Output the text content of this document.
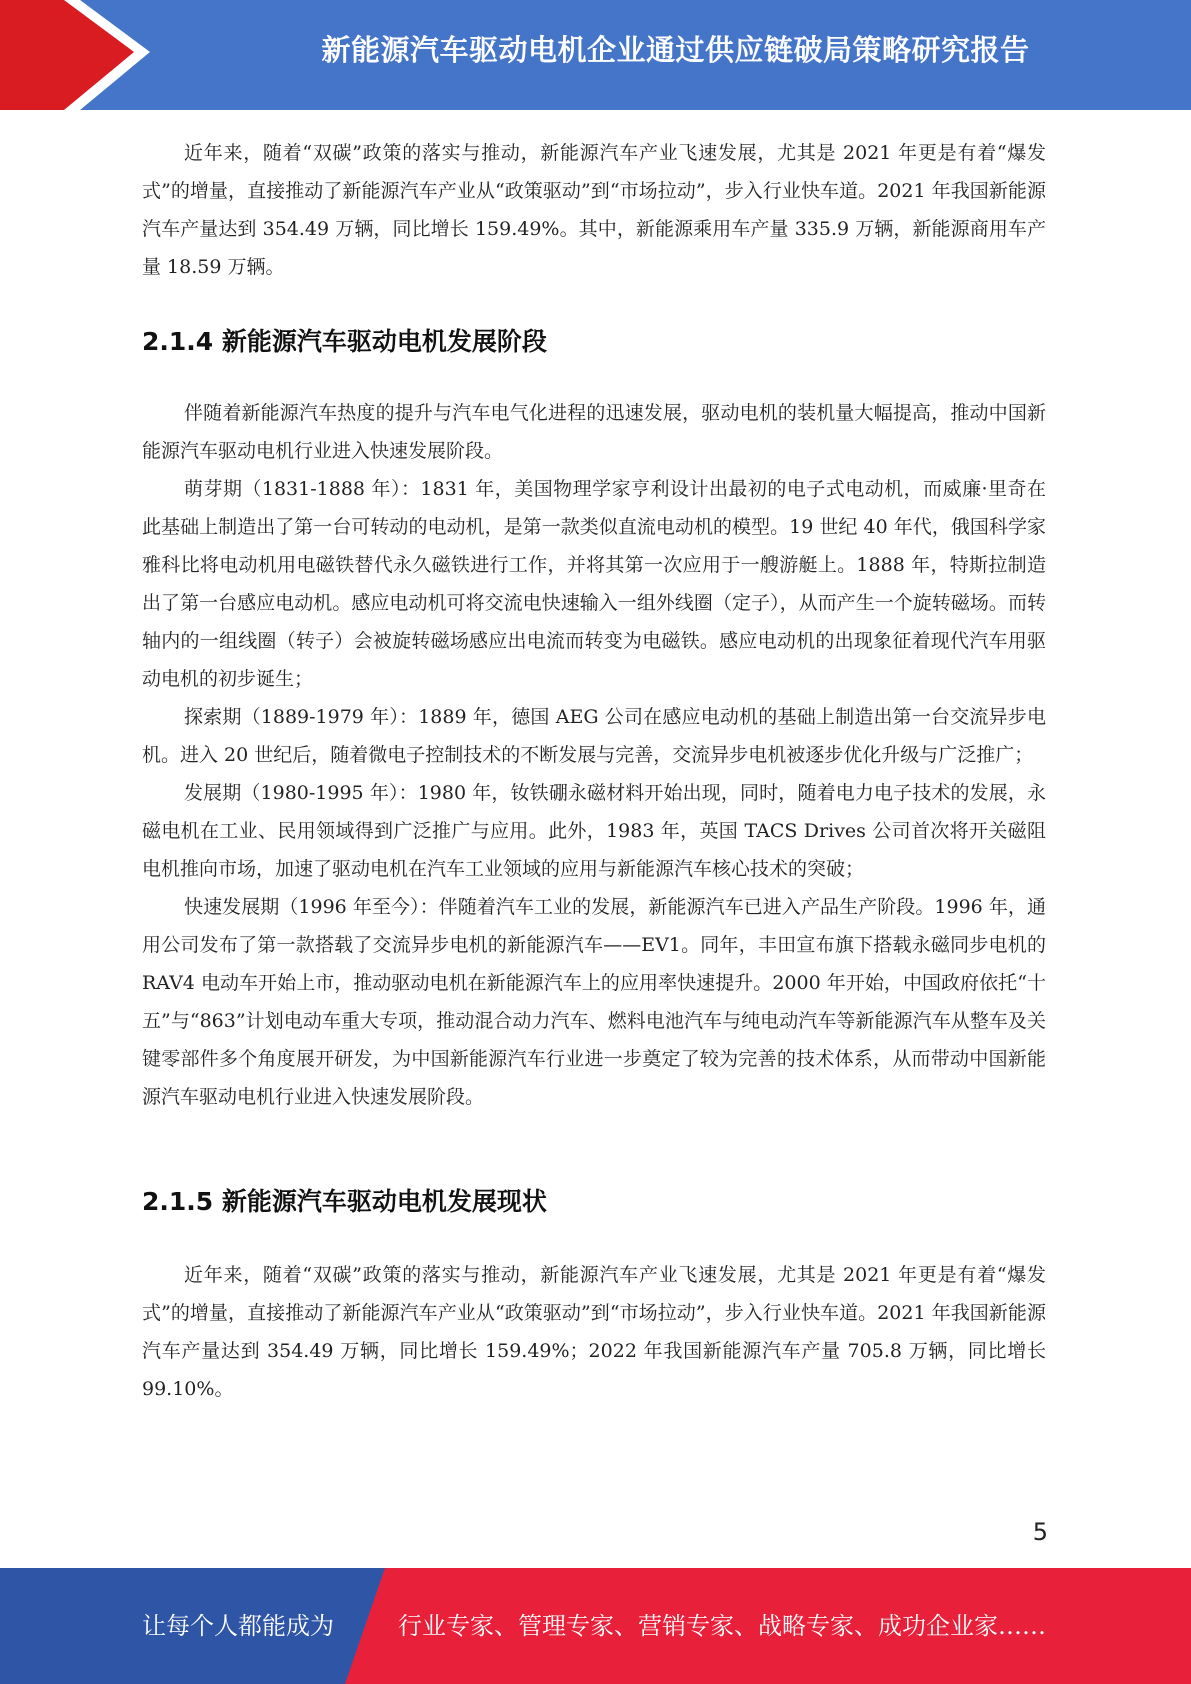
新能源汽车驱动电机企业通过供应链破局策略研究报告

近年来，随着“双碳”政策的落实与推动，新能源汽车产业飞速发展，尤其是 2021 年更是有着“爆发式”的增量，直接推动了新能源汽车产业从“政策驱动”到“市场拉动”，步入行业快车道。2021 年我国新能源汽车产量达到 354.49 万辆，同比增长 159.49%。其中，新能源乘用车产量 335.9 万辆，新能源商用车产量 18.59 万辆。

2.1.4 新能源汽车驱动电机发展阶段

伴随着新能源汽车热度的提升与汽车电气化进程的迅速发展，驱动电机的装机量大幅提高，推动中国新能源汽车驱动电机行业进入快速发展阶段。

萌芽期（1831-1888 年）：1831 年，美国物理学家亨利设计出最初的电子式电动机，而威廉·里奇在此基础上制造出了第一台可转动的电动机，是第一款类似直流电动机的模型。19 世纪 40 年代，俄国科学家雅科比将电动机用电磁铁替代永久磁铁进行工作，并将其第一次应用于一艘游艇上。1888 年，特斯拉制造出了第一台感应电动机。感应电动机可将交流电快速输入一组外线圈（定子），从而产生一个旋转磁场。而转轴内的一组线圈（转子）会被旋转磁场感应出电流而转变为电磁铁。感应电动机的出现象征着现代汽车用驱动电机的初步诞生；

探索期（1889-1979 年）：1889 年，德国 AEG 公司在感应电动机的基础上制造出第一台交流异步电机。进入 20 世纪后，随着微电子控制技术的不断发展与完善，交流异步电机被逐步优化升级与广泛推广；

发展期（1980-1995 年）：1980 年，钕铁硼永磁材料开始出现，同时，随着电力电子技术的发展，永磁电机在工业、民用领域得到广泛推广与应用。此外，1983 年，英国 TACS Drives 公司首次将开关磁阻电机推向市场，加速了驱动电机在汽车工业领域的应用与新能源汽车核心技术的突破；

快速发展期（1996 年至今）：伴随着汽车工业的发展，新能源汽车已进入产品生产阶段。1996 年，通用公司发布了第一款搭载了交流异步电机的新能源汽车——EV1。同年，丰田宣布旗下搭载永磁同步电机的 RAV4 电动车开始上市，推动驱动电机在新能源汽车上的应用率快速提升。2000 年开始，中国政府依托“十五”与“863”计划电动车重大专项，推动混合动力汽车、燃料电池汽车与纯电动汽车等新能源汽车从整车及关键零部件多个角度展开研发，为中国新能源汽车行业进一步奠定了较为完善的技术体系，从而带动中国新能源汽车驱动电机行业进入快速发展阶段。

2.1.5 新能源汽车驱动电机发展现状

近年来，随着“双碳”政策的落实与推动，新能源汽车产业飞速发展，尤其是 2021 年更是有着“爆发式”的增量，直接推动了新能源汽车产业从“政策驱动”到“市场拉动”，步入行业快车道。2021 年我国新能源汽车产量达到 354.49 万辆，同比增长 159.49%；2022 年我国新能源汽车产量 705.8 万辆，同比增长 99.10%。

5
让每个人都能成为	行业专家、管理专家、营销专家、战略专家、成功企业家……
